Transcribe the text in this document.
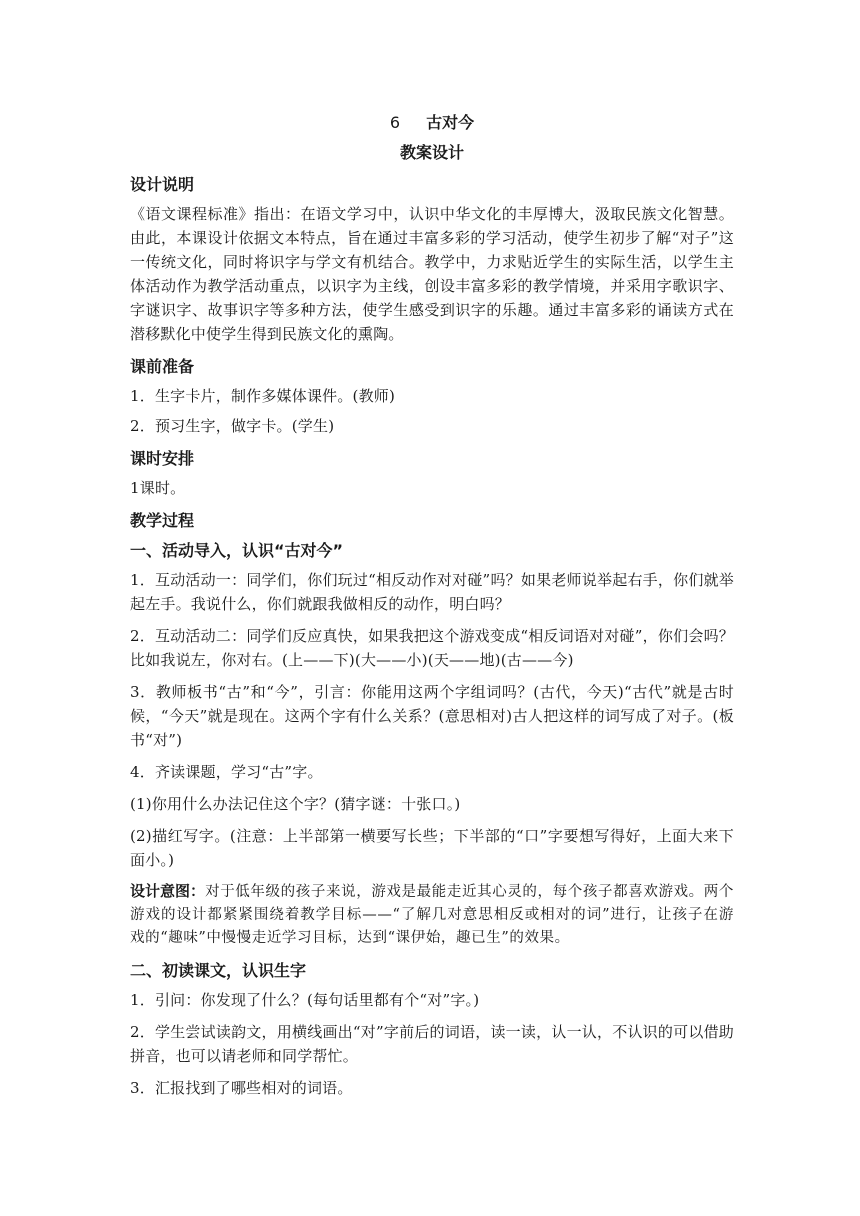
6 古对今
教案设计
设计说明
《语文课程标准》指出：在语文学习中，认识中华文化的丰厚博大，汲取民族文化智慧。由此，本课设计依据文本特点，旨在通过丰富多彩的学习活动，使学生初步了解“对子”这一传统文化，同时将识字与学文有机结合。教学中，力求贴近学生的实际生活，以学生主体活动作为教学活动重点，以识字为主线，创设丰富多彩的教学情境，并采用字歌识字、字谜识字、故事识字等多种方法，使学生感受到识字的乐趣。通过丰富多彩的诵读方式在潜移默化中使学生得到民族文化的熏陶。
课前准备
1．生字卡片，制作多媒体课件。(教师)
2．预习生字，做字卡。(学生)
课时安排
1课时。
教学过程
一、活动导入，认识“古对今”
1．互动活动一：同学们，你们玩过“相反动作对对碰”吗？如果老师说举起右手，你们就举起左手。我说什么，你们就跟我做相反的动作，明白吗？
2．互动活动二：同学们反应真快，如果我把这个游戏变成“相反词语对对碰”，你们会吗？比如我说左，你对右。(上——下)(大——小)(天——地)(古——今)
3．教师板书“古”和“今”，引言：你能用这两个字组词吗？(古代，今天)“古代”就是古时候，“今天”就是现在。这两个字有什么关系？(意思相对)古人把这样的词写成了对子。(板书“对”)
4．齐读课题，学习“古”字。
(1)你用什么办法记住这个字？(猜字谜：十张口。)
(2)描红写字。(注意：上半部第一横要写长些；下半部的“口”字要想写得好，上面大来下面小。)
设计意图：对于低年级的孩子来说，游戏是最能走近其心灵的，每个孩子都喜欢游戏。两个游戏的设计都紧紧围绕着教学目标——“了解几对意思相反或相对的词”进行，让孩子在游戏的“趣味”中慢慢走近学习目标，达到“课伊始，趣已生”的效果。
二、初读课文，认识生字
1．引问：你发现了什么？(每句话里都有个“对”字。)
2．学生尝试读韵文，用横线画出“对”字前后的词语，读一读，认一认，不认识的可以借助拼音，也可以请老师和同学帮忙。
3．汇报找到了哪些相对的词语。
